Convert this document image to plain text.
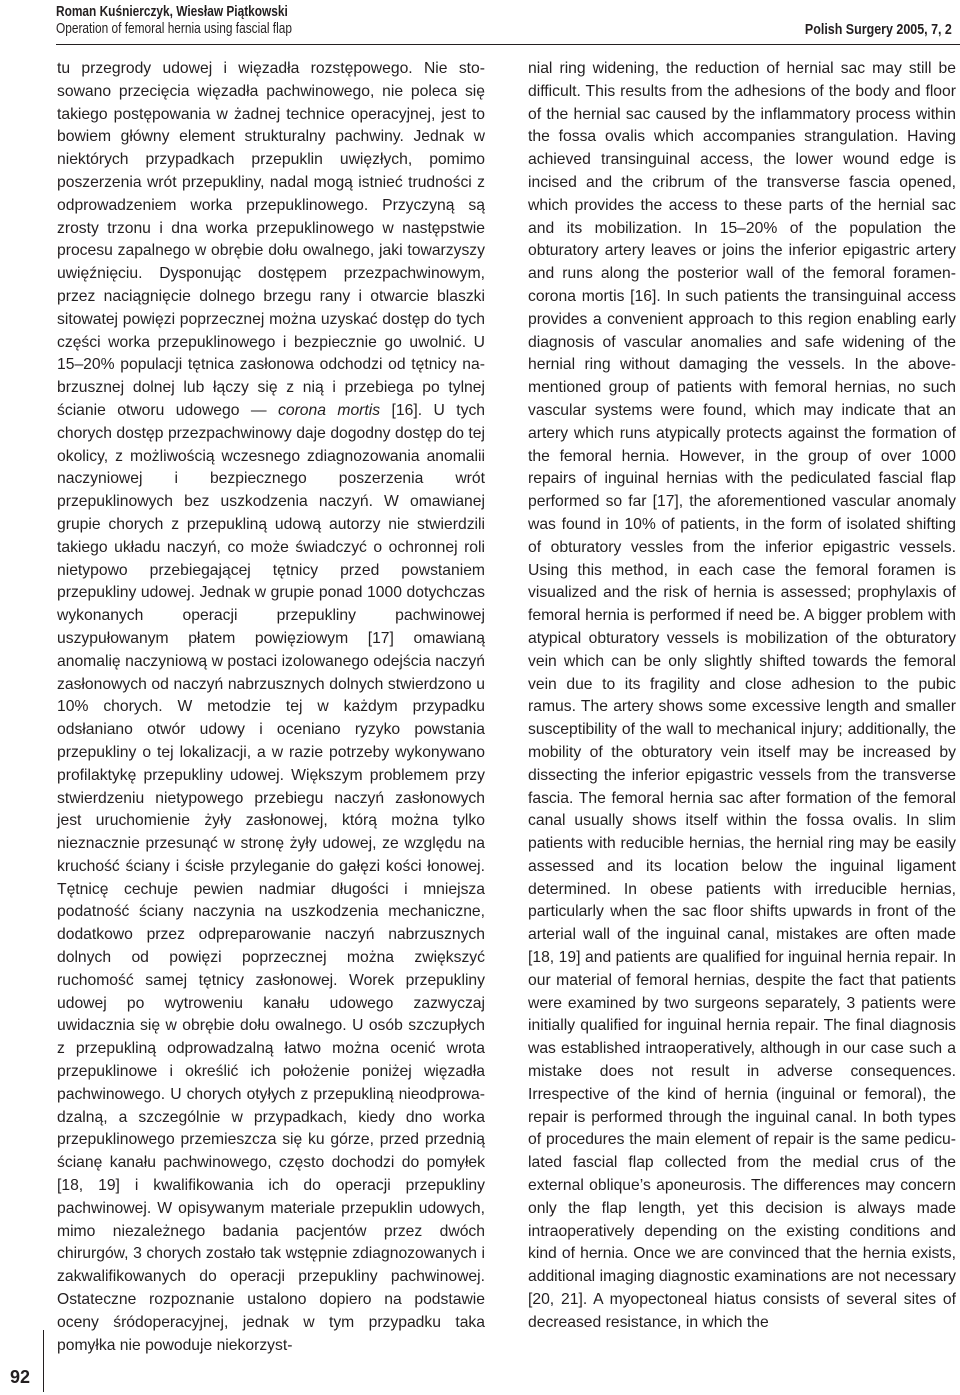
Roman Kuśnierczyk, Wiesław Piątkowski
Operation of femoral hernia using fascial flap	Polish Surgery 2005, 7, 2

tu przegrody udowej i więzadła rozstępowego. Nie stosowano przecięcia więzadła pachwinowego, nie poleca się takiego postępowania w żadnej technice operacyjnej, jest to bowiem główny element strukturalny pachwiny. Jednak w niektórych przypadkach przepuklin uwięzłych, pomimo poszerzenia wrót przepukliny, nadal mogą istnieć trudności z odprowadzeniem worka przepuklinowego. Przyczyną są zrosty trzonu i dna worka przepuklinowego w następstwie procesu zapalnego w obrębie dołu owalnego, jaki towarzyszy uwięźnięciu. Dysponując dostępem przezpachwinowym, przez naciągnięcie dolnego brzegu rany i otwarcie blaszki sitowatej powięzi poprzecznej można uzyskać dostęp do tych części worka przepuklinowego i bezpiecznie go uwolnić. U 15–20% populacji tętnica zasłonowa odchodzi od tętnicy nabrzusznej dolnej lub łączy się z nią i przebiega po tylnej ścianie otworu udowego — corona mortis [16]. U tych chorych dostęp przezpachwinowy daje dogodny dostęp do tej okolicy, z możliwością wczesnego zdiagnozowania anomalii naczyniowej i bezpiecznego poszerzenia wrót przepuklinowych bez uszkodzenia naczyń. W omawianej grupie chorych z przepukliną udową autorzy nie stwierdzili takiego układu naczyń, co może świadczyć o ochronnej roli nietypowo przebiegającej tętnicy przed powstaniem przepukliny udowej. Jednak w grupie ponad 1000 dotychczas wykonanych operacji przepukliny pachwinowej uszypułowanym płatem powięziowym [17] omawianą anomalię naczyniową w postaci izolowanego odejścia naczyń zasłonowych od naczyń nabrzusznych dolnych stwierdzono u 10% chorych. W metodzie tej w każdym przypadku odsłaniano otwór udowy i oceniano ryzyko powstania przepukliny o tej lokalizacji, a w razie potrzeby wykonywano profilaktykę przepukliny udowej. Większym problemem przy stwierdzeniu nietypowego przebiegu naczyń zasłonowych jest uruchomienie żyły zasłonowej, którą można tylko nieznacznie przesunąć w stronę żyły udowej, ze względu na kruchość ściany i ścisłe przyleganie do gałęzi kości łonowej. Tętnicę cechuje pewien nadmiar długości i mniejsza podatność ściany naczynia na uszkodzenia mechaniczne, dodatkowo przez odpreparowanie naczyń nabrzusznych dolnych od powięzi poprzecznej można zwiększyć ruchomość samej tętnicy zasłonowej. Worek przepukliny udowej po wytroweniu kanału udowego zazwyczaj uwidacznia się w obrębie dołu owalnego. U osób szczupłych z przepukliną odprowadzalną łatwo można ocenić wrota przepuklinowe i określić ich położenie poniżej więzadła pachwinowego. U chorych otyłych z przepukliną nieodprowadzalną, a szczególnie w przypadkach, kiedy dno worka przepuklinowego przemieszcza się ku górze, przed przednią ścianę kanału pachwinowego, często dochodzi do pomyłek [18, 19] i kwalifikowania ich do operacji przepukliny pachwinowej. W opisywanym materiale przepuklin udowych, mimo niezależnego badania pacjentów przez dwóch chirurgów, 3 chorych zostało tak wstępnie zdiagnozowanych i zakwalifikowanych do operacji przepukliny pachwinowej. Ostateczne rozpoznanie ustalono dopiero na podstawie oceny śródoperacyjnej, jednak w tym przypadku taka pomyłka nie powoduje niekorzyst-

nial ring widening, the reduction of hernial sac may still be difficult. This results from the adhesions of the body and floor of the hernial sac caused by the inflammatory process within the fossa ovalis which accompanies strangulation. Having achieved transinguinal access, the lower wound edge is incised and the cribrum of the transverse fascia opened, which provides the access to these parts of the hernial sac and its mobilization. In 15–20% of the population the obturatory artery leaves or joins the inferior epigastric artery and runs along the posterior wall of the femoral foramen-corona mortis [16]. In such patients the transinguinal access provides a convenient approach to this region enabling early diagnosis of vascular anomalies and safe widening of the hernial ring without damaging the vessels. In the above-mentioned group of patients with femoral hernias, no such vascular systems were found, which may indicate that an artery which runs atypically protects against the formation of the femoral hernia. However, in the group of over 1000 repairs of inguinal hernias with the pediculated fascial flap performed so far [17], the aforementioned vascular anomaly was found in 10% of patients, in the form of isolated shifting of obturatory vessles from the inferior epigastric vessels. Using this method, in each case the femoral foramen is visualized and the risk of hernia is assessed; prophylaxis of femoral hernia is performed if need be. A bigger problem with atypical obturatory vessels is mobilization of the obturatory vein which can be only slightly shifted towards the femoral vein due to its fragility and close adhesion to the pubic ramus. The artery shows some excessive length and smaller susceptibility of the wall to mechanical injury; additionally, the mobility of the obturatory vein itself may be increased by dissecting the inferior epigastric vessels from the transverse fascia. The femoral hernia sac after formation of the femoral canal usually shows itself within the fossa ovalis. In slim patients with reducible hernias, the hernial ring may be easily assessed and its location below the inguinal ligament determined. In obese patients with irreducible hernias, particularly when the sac floor shifts upwards in front of the arterial wall of the inguinal canal, mistakes are often made [18, 19] and patients are qualified for inguinal hernia repair. In our material of femoral hernias, despite the fact that patients were examined by two surgeons separately, 3 patients were initially qualified for inguinal hernia repair. The final diagnosis was established intraoperatively, although in our case such a mistake does not result in adverse consequences. Irrespective of the kind of hernia (inguinal or femoral), the repair is performed through the inguinal canal. In both types of procedures the main element of repair is the same pediculated fascial flap collected from the medial crus of the external oblique’s aponeurosis. The differences may concern only the flap length, yet this decision is always made intraoperatively depending on the existing conditions and kind of hernia. Once we are convinced that the hernia exists, additional imaging diagnostic examinations are not necessary [20, 21]. A myopectoneal hiatus consists of several sites of decreased resistance, in which the

92
